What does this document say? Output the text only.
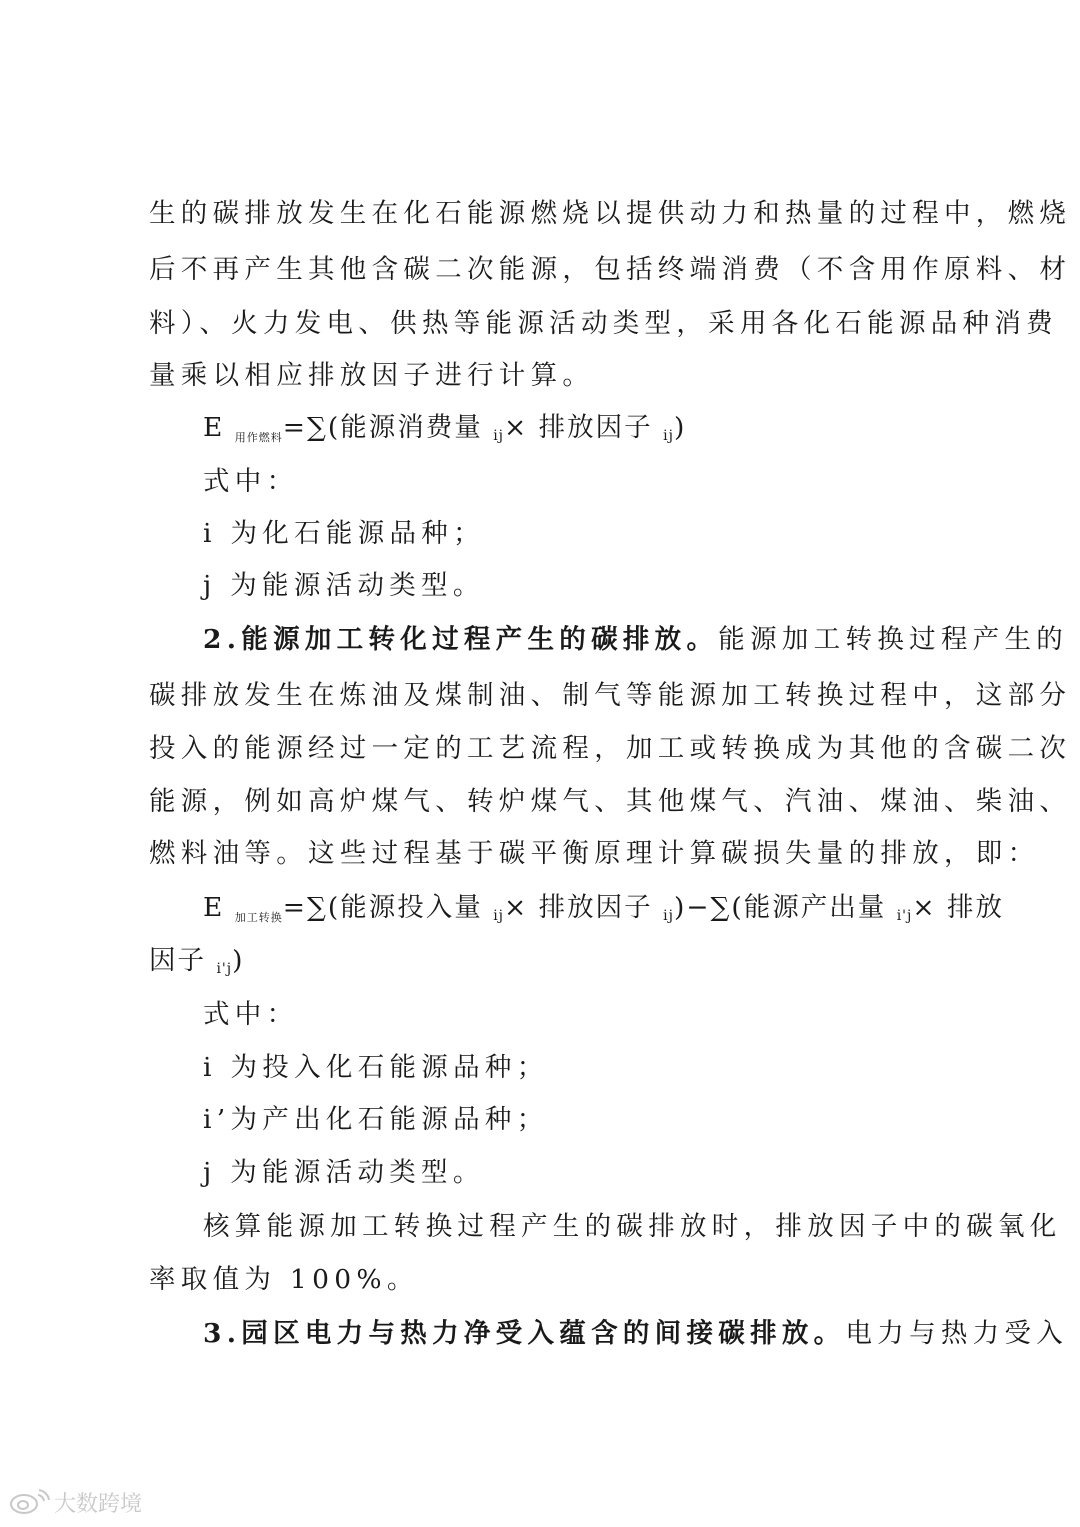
生的碳排放发生在化石能源燃烧以提供动力和热量的过程中，燃烧
后不再产生其他含碳二次能源，包括终端消费（不含用作原料、材
料）、火力发电、供热等能源活动类型，采用各化石能源品种消费
量乘以相应排放因子进行计算。
E 用作燃料=∑(能源消费量 $_{ij}$× 排放因子 $_{ij}$)
式中：
i 为化石能源品种；
j 为能源活动类型。
2.能源加工转化过程产生的碳排放。能源加工转换过程产生的
碳排放发生在炼油及煤制油、制气等能源加工转换过程中，这部分
投入的能源经过一定的工艺流程，加工或转换成为其他的含碳二次
能源，例如高炉煤气、转炉煤气、其他煤气、汽油、煤油、柴油、
燃料油等。这些过程基于碳平衡原理计算碳损失量的排放，即：
E 加工转换=∑(能源投入量 $_{ij}$× 排放因子 $_{ij}$)−∑(能源产出量 $_{i'j}$× 排放
因子 $_{i'j}$)
式中：
i 为投入化石能源品种；
i’为产出化石能源品种；
j 为能源活动类型。
核算能源加工转换过程产生的碳排放时，排放因子中的碳氧化
率取值为 100%。
3.园区电力与热力净受入蕴含的间接碳排放。电力与热力受入
大数跨境
